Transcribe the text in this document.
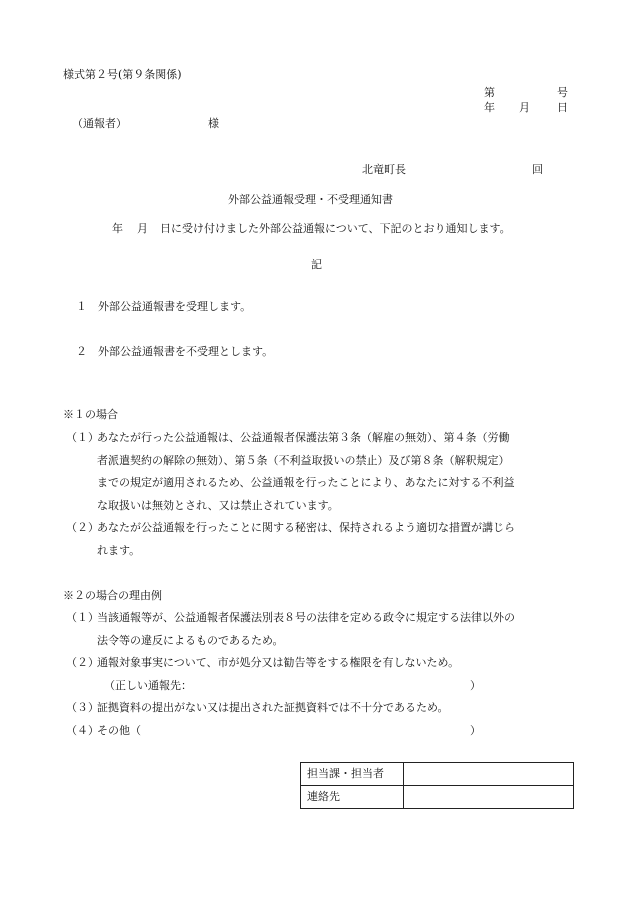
様式第２号(第９条関係)
第	号
年 月 日
（通報者）	様
北竜町長	回
外部公益通報受理・不受理通知書
年 月 日に受け付けました外部公益通報について、下記のとおり通知します。
記
１ 外部公益通報書を受理します。
２ 外部公益通報書を不受理とします。
※１の場合
（１）
あなたが行った公益通報は、公益通報者保護法第３条（解雇の無効）、第４条（労働
者派遣契約の解除の無効）、第５条（不利益取扱いの禁止）及び第８条（解釈規定）
までの規定が適用されるため、公益通報を行ったことにより、あなたに対する不利益
な取扱いは無効とされ、又は禁止されています。
（２）
あなたが公益通報を行ったことに関する秘密は、保持されるよう適切な措置が講じら
れます。
※２の場合の理由例
（１）
当該通報等が、公益通報者保護法別表８号の法律を定める政令に規定する法律以外の
法令等の違反によるものであるため。
（２）
通報対象事実について、市が処分又は勧告等をする権限を有しないため。
（正しい通報先：	）
（３）
証拠資料の提出がない又は提出された証拠資料では不十分であるため。
（４）
その他（	）
担当課・担当者	
連絡先	
